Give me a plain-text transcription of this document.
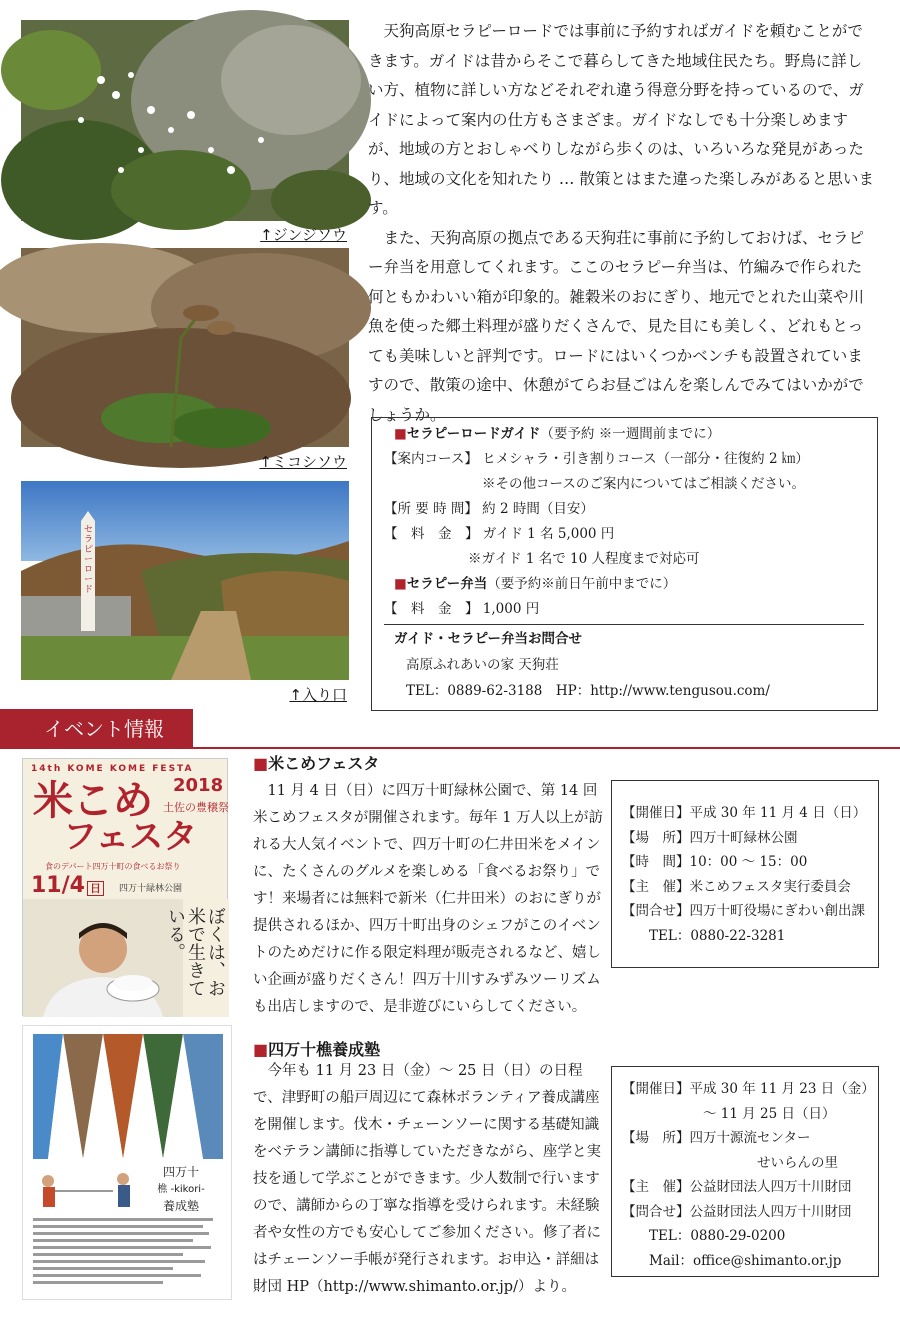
↑ジンジソウ
↑ミコシソウ
セラピーロード
↑入り口

天狗高原セラピーロードでは事前に予約すればガイドを頼むことができます。ガイドは昔からそこで暮らしてきた地域住民たち。野鳥に詳しい方、植物に詳しい方などそれぞれ違う得意分野を持っているので、ガイドによって案内の仕方もさまざま。ガイドなしでも十分楽しめますが、地域の方とおしゃべりしながら歩くのは、いろいろな発見があったり、地域の文化を知れたり … 散策とはまた違った楽しみがあると思います。

また、天狗高原の拠点である天狗荘に事前に予約しておけば、セラピー弁当を用意してくれます。ここのセラピー弁当は、竹編みで作られた何ともかわいい箱が印象的。雑穀米のおにぎり、地元でとれた山菜や川魚を使った郷土料理が盛りだくさんで、見た目にも美しく、どれもとっても美味しいと評判です。ロードにはいくつかベンチも設置されていますので、散策の途中、休憩がてらお昼ごはんを楽しんでみてはいかがでしょうか。

■セラピーロードガイド（要予約 ※一週間前までに）
【案内コース】 ヒメシャラ・引き割りコース（一部分・往復約 2 ㎞）
※その他コースのご案内についてはご相談ください。
【所 要 時 間】 約 2 時間（目安）
【　料　金　】 ガイド 1 名 5,000 円
※ガイド 1 名で 10 人程度まで対応可
■セラピー弁当（要予約※前日午前中までに）
【　料　金　】 1,000 円
ガイド・セラピー弁当お問合せ
高原ふれあいの家 天狗荘
TEL：0889-62-3188　HP：http://www.tengusou.com/
イベント情報
14th KOME KOME FESTA
2018
土佐の豊穣祭
米こめ
フェスタ
食のデパート四万十町の食べるお祭り
11/4 日	四万十緑林公園
ぼくは、お米で生きている。
■米こめフェスタ

11 月 4 日（日）に四万十町緑林公園で、第 14 回米こめフェスタが開催されます。毎年 1 万人以上が訪れる大人気イベントで、四万十町の仁井田米をメインに、たくさんのグルメを楽しめる「食べるお祭り」です！来場者には無料で新米（仁井田米）のおにぎりが提供されるほか、四万十町出身のシェフがこのイベントのためだけに作る限定料理が販売されるなど、嬉しい企画が盛りだくさん！四万十川すみずみツーリズムも出店しますので、是非遊びにいらしてください。

【開催日】平成 30 年 11 月 4 日（日）
【場　所】四万十町緑林公園
【時　間】10：00 ～ 15：00
【主　催】米こめフェスタ実行委員会
【問合せ】四万十町役場にぎわい創出課
　　TEL：0880-22-3281
四万十
樵 -kikori-
養成塾
■四万十樵養成塾

今年も 11 月 23 日（金）～ 25 日（日）の日程で、津野町の船戸周辺にて森林ボランティア養成講座を開催します。伐木・チェーンソーに関する基礎知識をベテラン講師に指導していただきながら、座学と実技を通して学ぶことができます。少人数制で行いますので、講師からの丁寧な指導を受けられます。未経験者や女性の方でも安心してご参加ください。修了者にはチェーンソー手帳が発行されます。お申込・詳細は財団 HP（http://www.shimanto.or.jp/）より。

【開催日】平成 30 年 11 月 23 日（金）
　　　　　　～ 11 月 25 日（日）
【場　所】四万十源流センター
　　　　　　　　　　せいらんの里
【主　催】公益財団法人四万十川財団
【問合せ】公益財団法人四万十川財団
　　TEL：0880-29-0200
　　Mail：office@shimanto.or.jp
